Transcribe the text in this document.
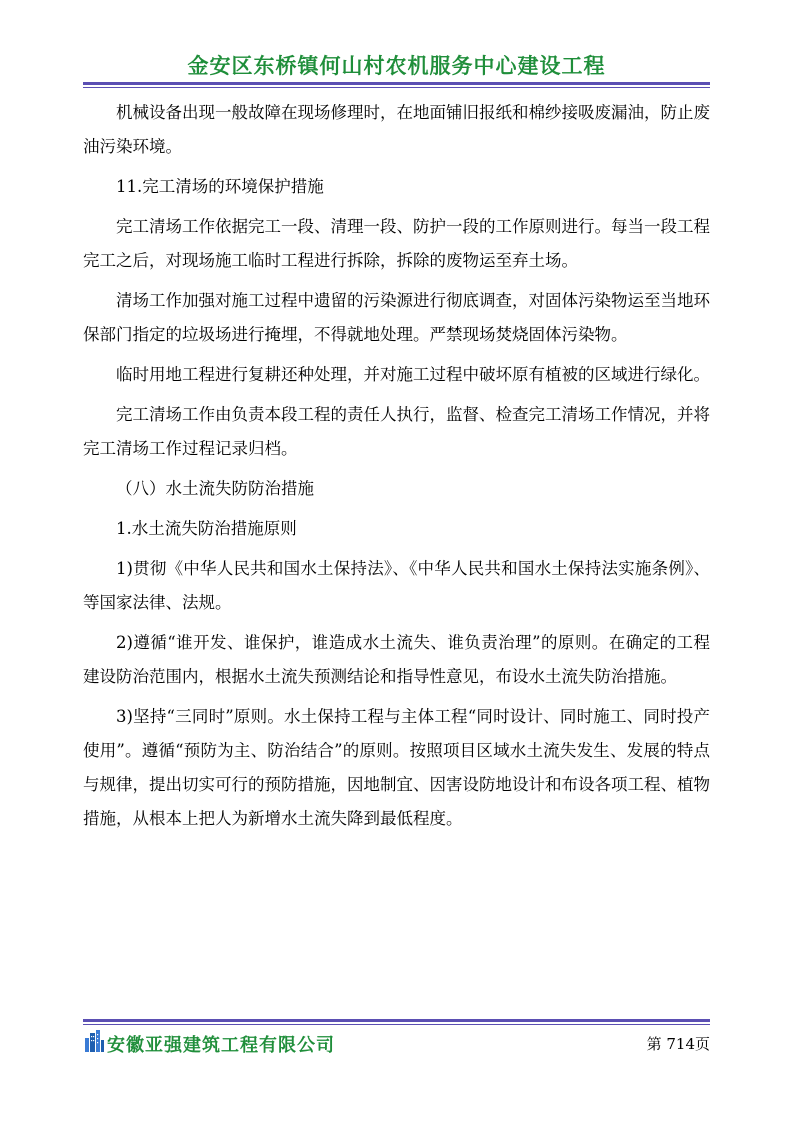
金安区东桥镇何山村农机服务中心建设工程

机械设备出现一般故障在现场修理时，在地面铺旧报纸和棉纱接吸废漏油，防止废油污染环境。

11.完工清场的环境保护措施

完工清场工作依据完工一段、清理一段、防护一段的工作原则进行。每当一段工程完工之后，对现场施工临时工程进行拆除，拆除的废物运至弃土场。

清场工作加强对施工过程中遗留的污染源进行彻底调查，对固体污染物运至当地环保部门指定的垃圾场进行掩埋，不得就地处理。严禁现场焚烧固体污染物。

临时用地工程进行复耕还种处理，并对施工过程中破坏原有植被的区域进行绿化。

完工清场工作由负责本段工程的责任人执行，监督、检查完工清场工作情况，并将完工清场工作过程记录归档。

（八）水土流失防防治措施

1.水土流失防治措施原则

1)贯彻《中华人民共和国水土保持法》、《中华人民共和国水土保持法实施条例》、等国家法律、法规。

2)遵循“谁开发、谁保护，谁造成水土流失、谁负责治理”的原则。在确定的工程建设防治范围内，根据水土流失预测结论和指导性意见，布设水土流失防治措施。

3)坚持“三同时”原则。水土保持工程与主体工程“同时设计、同时施工、同时投产使用”。遵循“预防为主、防治结合”的原则。按照项目区域水土流失发生、发展的特点与规律，提出切实可行的预防措施，因地制宜、因害设防地设计和布设各项工程、植物措施，从根本上把人为新增水土流失降到最低程度。

安徽亚强建筑工程有限公司	第 714页
